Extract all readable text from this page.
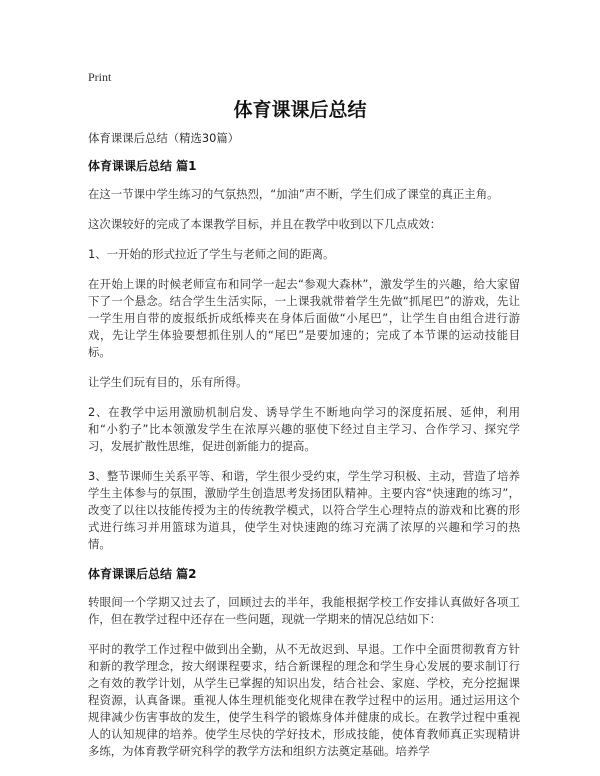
Print
体育课课后总结

体育课课后总结（精选30篇）

体育课课后总结 篇1

在这一节课中学生练习的气氛热烈，“加油”声不断，学生们成了课堂的真正主角。

这次课较好的完成了本课教学目标，并且在教学中收到以下几点成效：

1、一开始的形式拉近了学生与老师之间的距离。

在开始上课的时候老师宣布和同学一起去“参观大森林”，激发学生的兴趣，给大家留下了一个悬念。结合学生生活实际，一上课我就带着学生先做“抓尾巴”的游戏，先让一学生用自带的废报纸折成纸棒夹在身体后面做“小尾巴”，让学生自由组合进行游戏，先让学生体验要想抓住别人的“尾巴”是要加速的；完成了本节课的运动技能目标。

让学生们玩有目的，乐有所得。

2、在教学中运用激励机制启发、诱导学生不断地向学习的深度拓展、延伸，利用和“小豹子”比本领激发学生在浓厚兴趣的驱使下经过自主学习、合作学习、探究学习，发展扩散性思维，促进创新能力的提高。

3、整节课师生关系平等、和谐，学生很少受约束，学生学习积极、主动，营造了培养学生主体参与的氛围，激励学生创造思考发扬团队精神。主要内容“快速跑的练习”，改变了以往以技能传授为主的传统教学模式，以符合学生心理特点的游戏和比赛的形式进行练习并用篮球为道具，使学生对快速跑的练习充满了浓厚的兴趣和学习的热情。

体育课课后总结 篇2

转眼间一个学期又过去了，回顾过去的半年，我能根据学校工作安排认真做好各项工作，但在教学过程中还存在一些问题，现就一学期来的情况总结如下：

平时的教学工作过程中做到出全勤，从不无故迟到、早退。工作中全面贯彻教育方针和新的教学理念，按大纲课程要求，结合新课程的理念和学生身心发展的要求制订行之有效的教学计划，从学生已掌握的知识出发，结合社会、家庭、学校，充分挖掘课程资源，认真备课。重视人体生理机能变化规律在教学过程中的运用。通过运用这个规律减少伤害事故的发生，使学生科学的锻炼身体并健康的成长。在教学过程中重视人的认知规律的培养。使学生尽快的学好技术，形成技能，使体育教师真正实现精讲多练，为体育教学研究科学的教学方法和组织方法奠定基础。培养学
